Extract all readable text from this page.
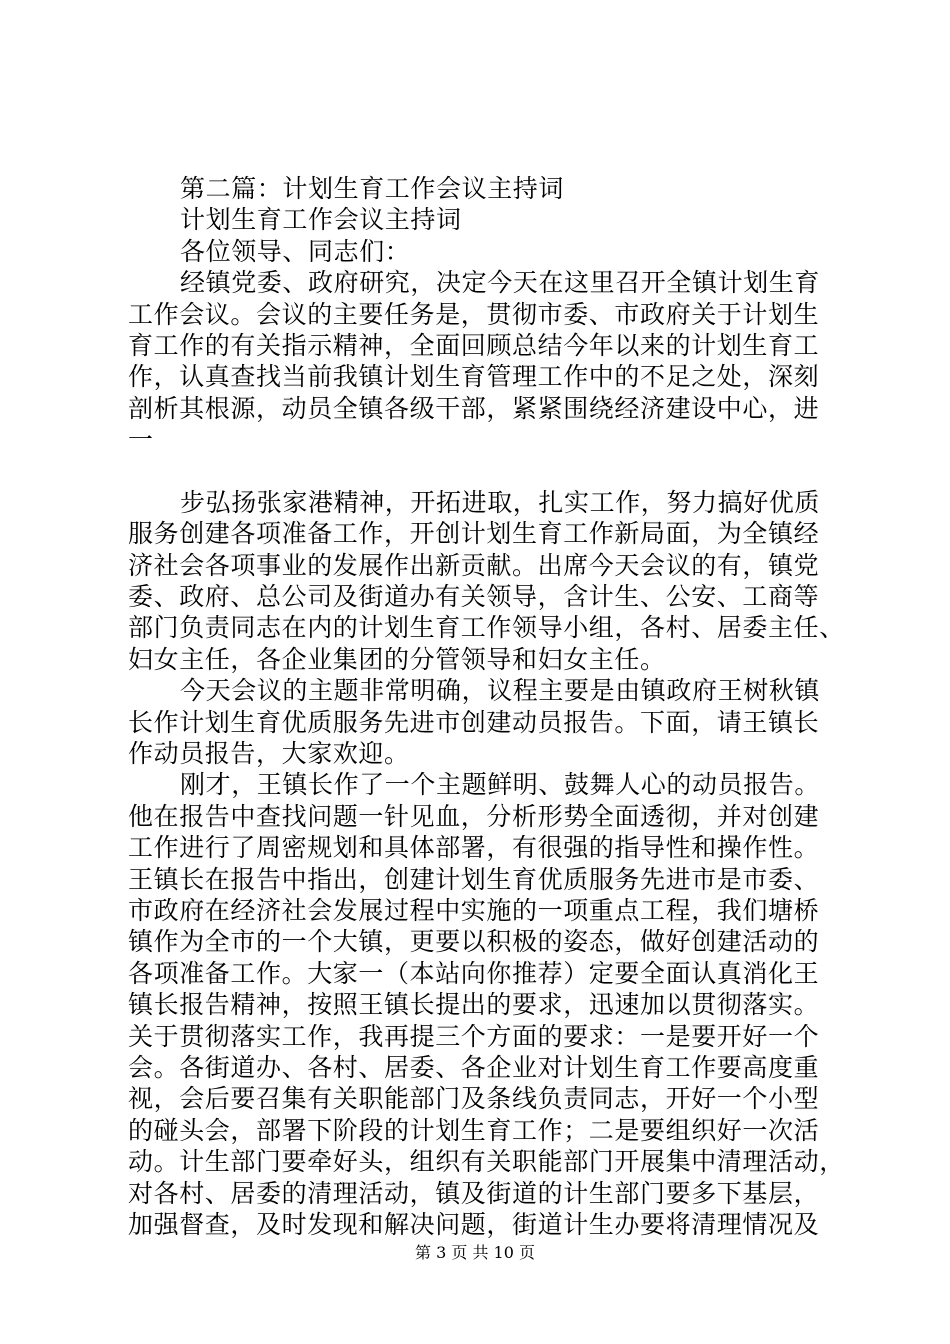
第二篇：计划生育工作会议主持词
计划生育工作会议主持词
各位领导、同志们：
经镇党委、政府研究，决定今天在这里召开全镇计划生育
工作会议。会议的主要任务是，贯彻市委、市政府关于计划生
育工作的有关指示精神，全面回顾总结今年以来的计划生育工
作，认真查找当前我镇计划生育管理工作中的不足之处，深刻
剖析其根源，动员全镇各级干部，紧紧围绕经济建设中心，进
一
步弘扬张家港精神，开拓进取，扎实工作，努力搞好优质
服务创建各项准备工作，开创计划生育工作新局面，为全镇经
济社会各项事业的发展作出新贡献。出席今天会议的有，镇党
委、政府、总公司及街道办有关领导，含计生、公安、工商等
部门负责同志在内的计划生育工作领导小组，各村、居委主任、
妇女主任，各企业集团的分管领导和妇女主任。
今天会议的主题非常明确，议程主要是由镇政府王树秋镇
长作计划生育优质服务先进市创建动员报告。下面，请王镇长
作动员报告，大家欢迎。
刚才，王镇长作了一个主题鲜明、鼓舞人心的动员报告。
他在报告中查找问题一针见血，分析形势全面透彻，并对创建
工作进行了周密规划和具体部署，有很强的指导性和操作性。
王镇长在报告中指出，创建计划生育优质服务先进市是市委、
市政府在经济社会发展过程中实施的一项重点工程，我们塘桥
镇作为全市的一个大镇，更要以积极的姿态，做好创建活动的
各项准备工作。大家一（本站向你推荐）定要全面认真消化王
镇长报告精神，按照王镇长提出的要求，迅速加以贯彻落实。
关于贯彻落实工作，我再提三个方面的要求：一是要开好一个
会。各街道办、各村、居委、各企业对计划生育工作要高度重
视，会后要召集有关职能部门及条线负责同志，开好一个小型
的碰头会，部署下阶段的计划生育工作；二是要组织好一次活
动。计生部门要牵好头，组织有关职能部门开展集中清理活动，
对各村、居委的清理活动，镇及街道的计生部门要多下基层，
加强督查，及时发现和解决问题，街道计生办要将清理情况及
第 3 页 共 10 页
